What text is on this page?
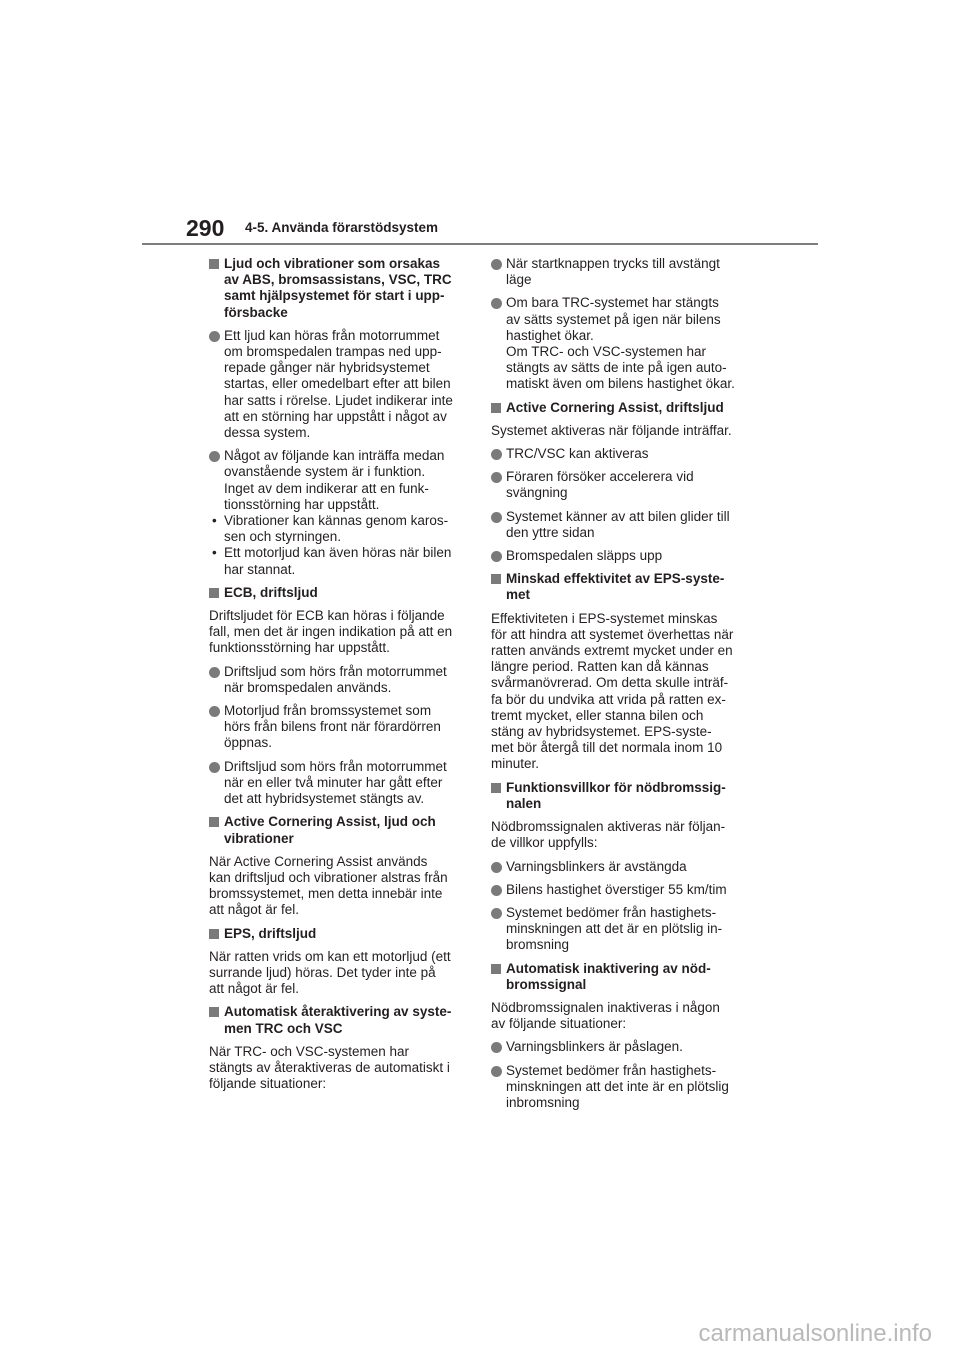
290 4-5. Använda förarstödsystem
Ljud och vibrationer som orsakas
av ABS, bromsassistans, VSC, TRC
samt hjälpsystemet för start i upp-
försbacke
Ett ljud kan höras från motorrummet
om bromspedalen trampas ned upp-
repade gånger när hybridsystemet
startas, eller omedelbart efter att bilen
har satts i rörelse. Ljudet indikerar inte
att en störning har uppstått i något av
dessa system.
Något av följande kan inträffa medan
ovanstående system är i funktion.
Inget av dem indikerar att en funk-
tionsstörning har uppstått.
• Vibrationer kan kännas genom karos-
sen och styrningen.
• Ett motorljud kan även höras när bilen
har stannat.
ECB, driftsljud
Driftsljudet för ECB kan höras i följande
fall, men det är ingen indikation på att en
funktionsstörning har uppstått.
Driftsljud som hörs från motorrummet
när bromspedalen används.
Motorljud från bromssystemet som
hörs från bilens front när förardörren
öppnas.
Driftsljud som hörs från motorrummet
när en eller två minuter har gått efter
det att hybridsystemet stängts av.
Active Cornering Assist, ljud och
vibrationer
När Active Cornering Assist används
kan driftsljud och vibrationer alstras från
bromssystemet, men detta innebär inte
att något är fel.
EPS, driftsljud
När ratten vrids om kan ett motorljud (ett
surrande ljud) höras. Det tyder inte på
att något är fel.
Automatisk återaktivering av syste-
men TRC och VSC
När TRC- och VSC-systemen har
stängts av återaktiveras de automatiskt i
följande situationer:
När startknappen trycks till avstängt
läge
Om bara TRC-systemet har stängts
av sätts systemet på igen när bilens
hastighet ökar.
Om TRC- och VSC-systemen har
stängts av sätts de inte på igen auto-
matiskt även om bilens hastighet ökar.
Active Cornering Assist, driftsljud
Systemet aktiveras när följande inträffar.
TRC/VSC kan aktiveras
Föraren försöker accelerera vid
svängning
Systemet känner av att bilen glider till
den yttre sidan
Bromspedalen släpps upp
Minskad effektivitet av EPS-syste-
met
Effektiviteten i EPS-systemet minskas
för att hindra att systemet överhettas när
ratten används extremt mycket under en
längre period. Ratten kan då kännas
svårmanövrerad. Om detta skulle inträf-
fa bör du undvika att vrida på ratten ex-
tremt mycket, eller stanna bilen och
stäng av hybridsystemet. EPS-syste-
met bör återgå till det normala inom 10
minuter.
Funktionsvillkor för nödbromssig-
nalen
Nödbromssignalen aktiveras när följan-
de villkor uppfylls:
Varningsblinkers är avstängda
Bilens hastighet överstiger 55 km/tim
Systemet bedömer från hastighets-
minskningen att det är en plötslig in-
bromsning
Automatisk inaktivering av nöd-
bromssignal
Nödbromssignalen inaktiveras i någon
av följande situationer:
Varningsblinkers är påslagen.
Systemet bedömer från hastighets-
minskningen att det inte är en plötslig
inbromsning
carmanualsonline.info
